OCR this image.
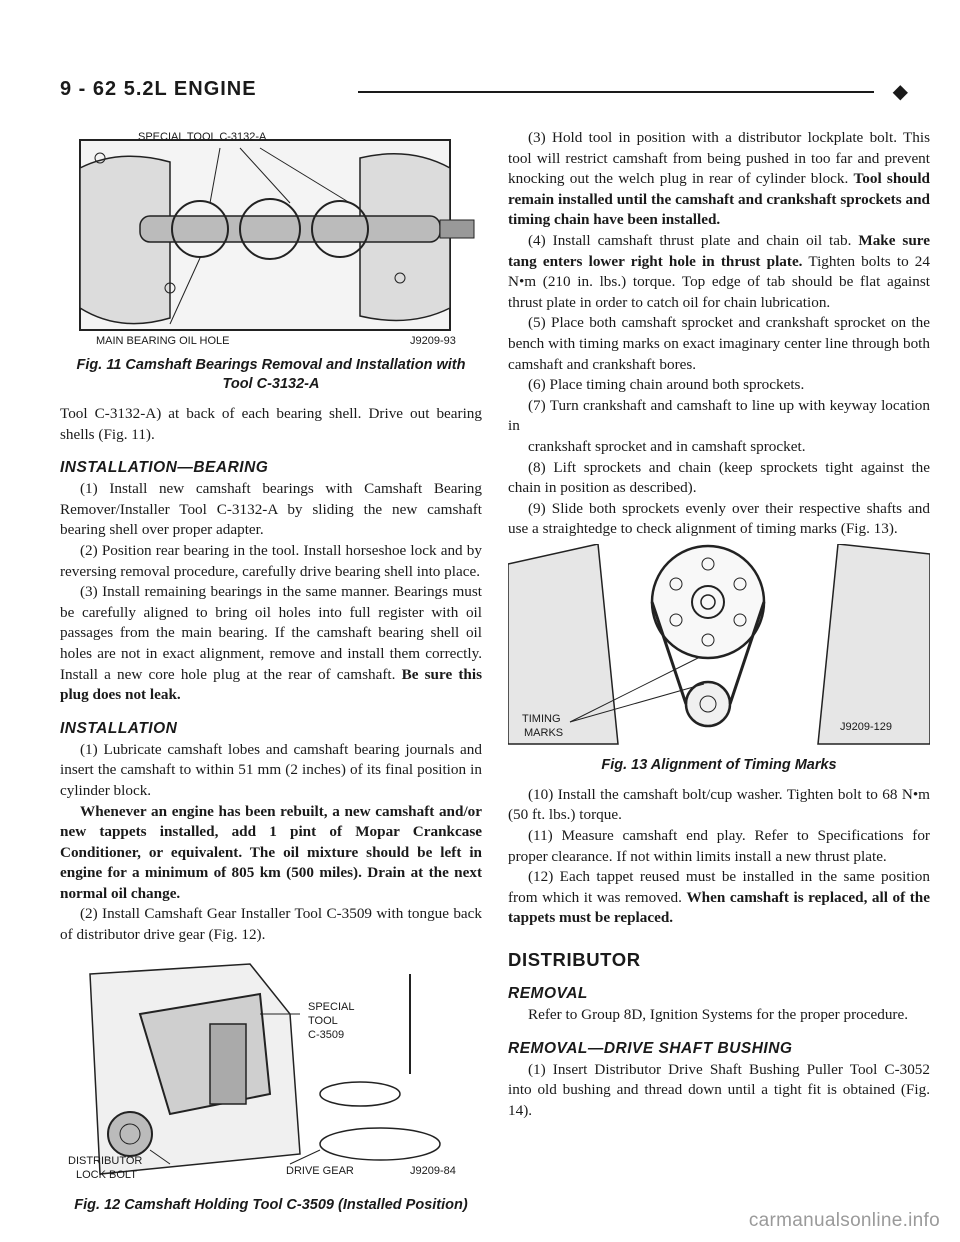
9 - 62 5.2L ENGINE	◆
SPECIAL TOOL C-3132-A
MAIN BEARING OIL HOLE	J9209-93
Fig. 11 Camshaft Bearings Removal and Installation with Tool C-3132-A

Tool C-3132-A) at back of each bearing shell. Drive out bearing shells (Fig. 11).

INSTALLATION—BEARING

(1) Install new camshaft bearings with Camshaft Bearing Remover/Installer Tool C-3132-A by sliding the new camshaft bearing shell over proper adapter.

(2) Position rear bearing in the tool. Install horseshoe lock and by reversing removal procedure, carefully drive bearing shell into place.

(3) Install remaining bearings in the same manner. Bearings must be carefully aligned to bring oil holes into full register with oil passages from the main bearing. If the camshaft bearing shell oil holes are not in exact alignment, remove and install them correctly. Install a new core hole plug at the rear of camshaft. Be sure this plug does not leak.

INSTALLATION

(1) Lubricate camshaft lobes and camshaft bearing journals and insert the camshaft to within 51 mm (2 inches) of its final position in cylinder block.

Whenever an engine has been rebuilt, a new camshaft and/or new tappets installed, add 1 pint of Mopar Crankcase Conditioner, or equivalent. The oil mixture should be left in engine for a minimum of 805 km (500 miles). Drain at the next normal oil change.

(2) Install Camshaft Gear Installer Tool C-3509 with tongue back of distributor drive gear (Fig. 12).

SPECIAL
TOOL
C-3509
DISTRIBUTOR
LOCK BOLT	DRIVE GEAR	J9209-84
Fig. 12 Camshaft Holding Tool C-3509 (Installed Position)

(3) Hold tool in position with a distributor lockplate bolt. This tool will restrict camshaft from being pushed in too far and prevent knocking out the welch plug in rear of cylinder block. Tool should remain installed until the camshaft and crankshaft sprockets and timing chain have been installed.

(4) Install camshaft thrust plate and chain oil tab. Make sure tang enters lower right hole in thrust plate. Tighten bolts to 24 N•m (210 in. lbs.) torque. Top edge of tab should be flat against thrust plate in order to catch oil for chain lubrication.

(5) Place both camshaft sprocket and crankshaft sprocket on the bench with timing marks on exact imaginary center line through both camshaft and crankshaft bores.

(6) Place timing chain around both sprockets.

(7) Turn crankshaft and camshaft to line up with keyway location in

crankshaft sprocket and in camshaft sprocket.

(8) Lift sprockets and chain (keep sprockets tight against the chain in position as described).

(9) Slide both sprockets evenly over their respective shafts and use a straightedge to check alignment of timing marks (Fig. 13).

TIMING
MARKS	J9209-129
Fig. 13 Alignment of Timing Marks

(10) Install the camshaft bolt/cup washer. Tighten bolt to 68 N•m (50 ft. lbs.) torque.

(11) Measure camshaft end play. Refer to Specifications for proper clearance. If not within limits install a new thrust plate.

(12) Each tappet reused must be installed in the same position from which it was removed. When camshaft is replaced, all of the tappets must be replaced.

DISTRIBUTOR
REMOVAL

Refer to Group 8D, Ignition Systems for the proper procedure.

REMOVAL—DRIVE SHAFT BUSHING

(1) Insert Distributor Drive Shaft Bushing Puller Tool C-3052 into old bushing and thread down until a tight fit is obtained (Fig. 14).

carmanualsonline.info
